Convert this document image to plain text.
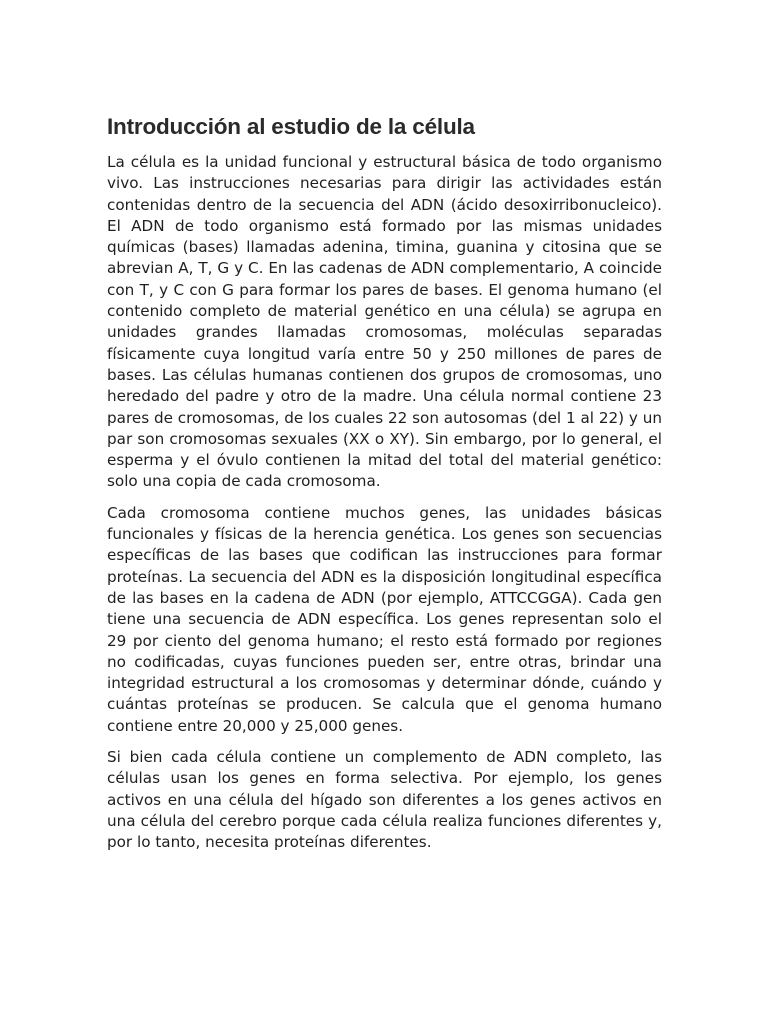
Introducción al estudio de la célula

La célula es la unidad funcional y estructural básica de todo organismo vivo. Las instrucciones necesarias para dirigir las actividades están contenidas dentro de la secuencia del ADN (ácido desoxirribonucleico). El ADN de todo organismo está formado por las mismas unidades químicas (bases) llamadas adenina, timina, guanina y citosina que se abrevian A, T, G y C. En las cadenas de ADN complementario, A coincide con T, y C con G para formar los pares de bases. El genoma humano (el contenido completo de material genético en una célula) se agrupa en unidades grandes llamadas cromosomas, moléculas separadas físicamente cuya longitud varía entre 50 y 250 millones de pares de bases. Las células humanas contienen dos grupos de cromosomas, uno heredado del padre y otro de la madre. Una célula normal contiene 23 pares de cromosomas, de los cuales 22 son autosomas (del 1 al 22) y un par son cromosomas sexuales (XX o XY). Sin embargo, por lo general, el esperma y el óvulo contienen la mitad del total del material genético: solo una copia de cada cromosoma.

Cada cromosoma contiene muchos genes, las unidades básicas funcionales y físicas de la herencia genética. Los genes son secuencias específicas de las bases que codifican las instrucciones para formar proteínas. La secuencia del ADN es la disposición longitudinal específica de las bases en la cadena de ADN (por ejemplo, ATTCCGGA). Cada gen tiene una secuencia de ADN específica. Los genes representan solo el 29 por ciento del genoma humano; el resto está formado por regiones no codificadas, cuyas funciones pueden ser, entre otras, brindar una integridad estructural a los cromosomas y determinar dónde, cuándo y cuántas proteínas se producen. Se calcula que el genoma humano contiene entre 20,000 y 25,000 genes.

Si bien cada célula contiene un complemento de ADN completo, las células usan los genes en forma selectiva. Por ejemplo, los genes activos en una célula del hígado son diferentes a los genes activos en una célula del cerebro porque cada célula realiza funciones diferentes y, por lo tanto, necesita proteínas diferentes.
